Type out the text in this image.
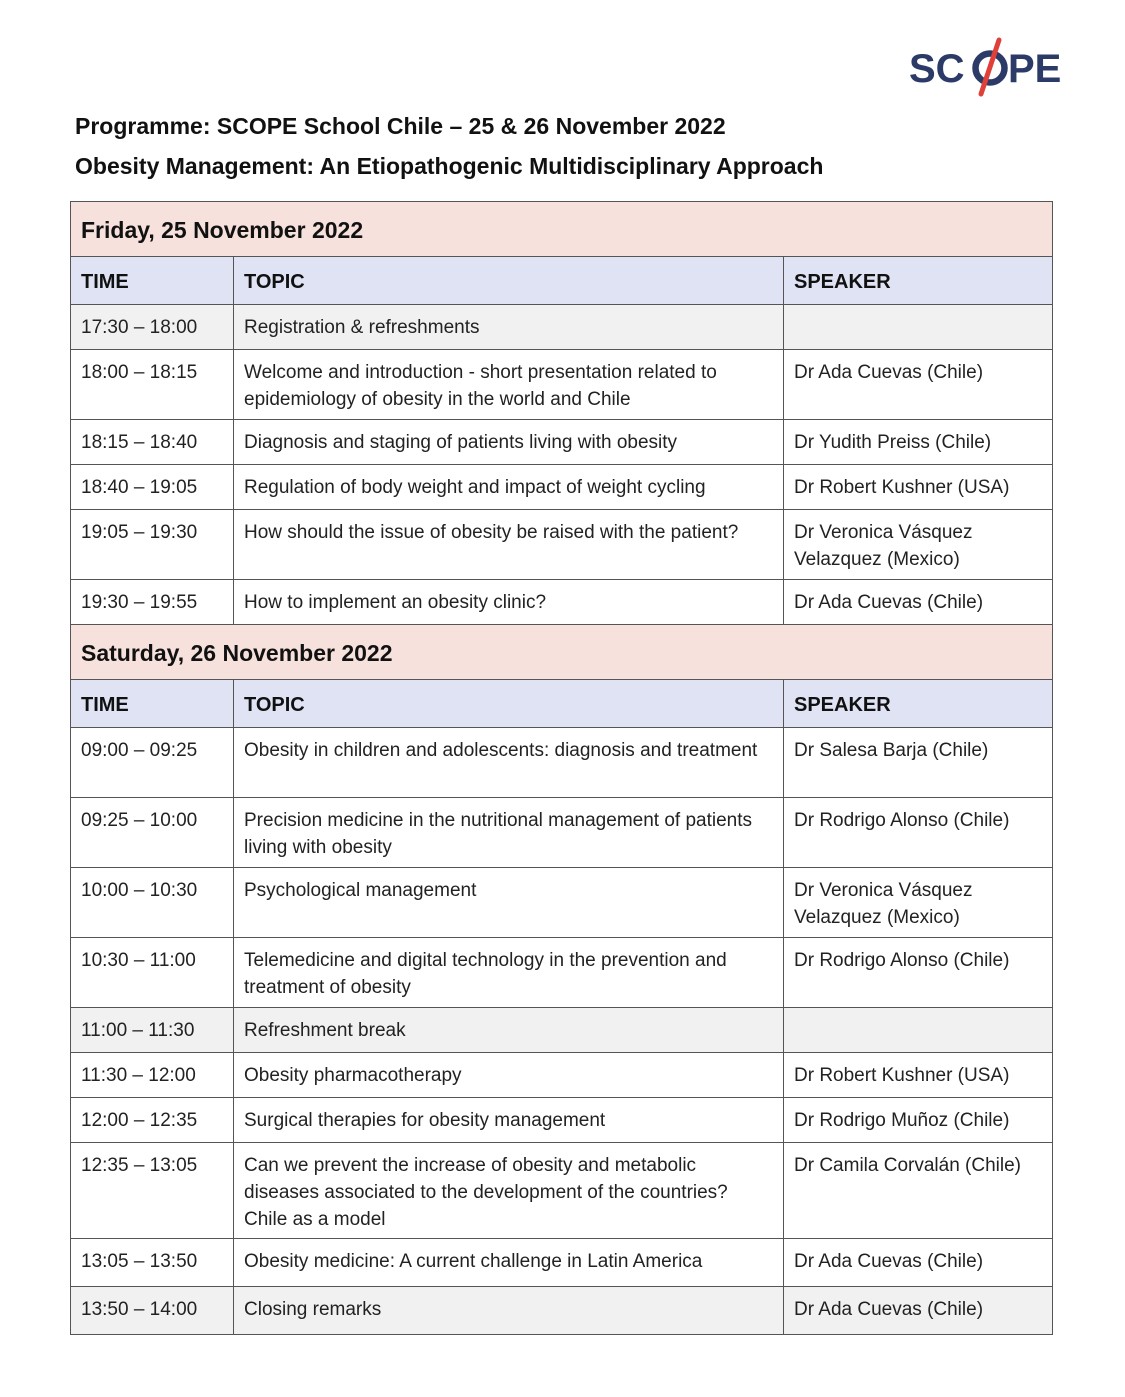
SC PE
Programme: SCOPE School Chile – 25 & 26 November 2022
Obesity Management: An Etiopathogenic Multidisciplinary Approach
Friday, 25 November 2022		
TIME	TOPIC	SPEAKER
17:30 – 18:00	Registration & refreshments	
18:00 – 18:15	Welcome and introduction - short presentation related to epidemiology of obesity in the world and Chile	Dr Ada Cuevas (Chile)
18:15 – 18:40	Diagnosis and staging of patients living with obesity	Dr Yudith Preiss (Chile)
18:40 – 19:05	Regulation of body weight and impact of weight cycling	Dr Robert Kushner (USA)
19:05 – 19:30	How should the issue of obesity be raised with the patient?	Dr Veronica Vásquez Velazquez (Mexico)
19:30 – 19:55	How to implement an obesity clinic?	Dr Ada Cuevas (Chile)
Saturday, 26 November 2022		
TIME	TOPIC	SPEAKER
09:00 – 09:25	Obesity in children and adolescents: diagnosis and treatment	Dr Salesa Barja (Chile)
09:25 – 10:00	Precision medicine in the nutritional management of patients living with obesity	Dr Rodrigo Alonso (Chile)
10:00 – 10:30	Psychological management	Dr Veronica Vásquez Velazquez (Mexico)
10:30 – 11:00	Telemedicine and digital technology in the prevention and treatment of obesity	Dr Rodrigo Alonso (Chile)
11:00 – 11:30	Refreshment break	
11:30 – 12:00	Obesity pharmacotherapy	Dr Robert Kushner (USA)
12:00 – 12:35	Surgical therapies for obesity management	Dr Rodrigo Muñoz (Chile)
12:35 – 13:05	Can we prevent the increase of obesity and metabolic diseases associated to the development of the countries? Chile as a model	Dr Camila Corvalán (Chile)
13:05 – 13:50	Obesity medicine: A current challenge in Latin America	Dr Ada Cuevas (Chile)
13:50 – 14:00	Closing remarks	Dr Ada Cuevas (Chile)
